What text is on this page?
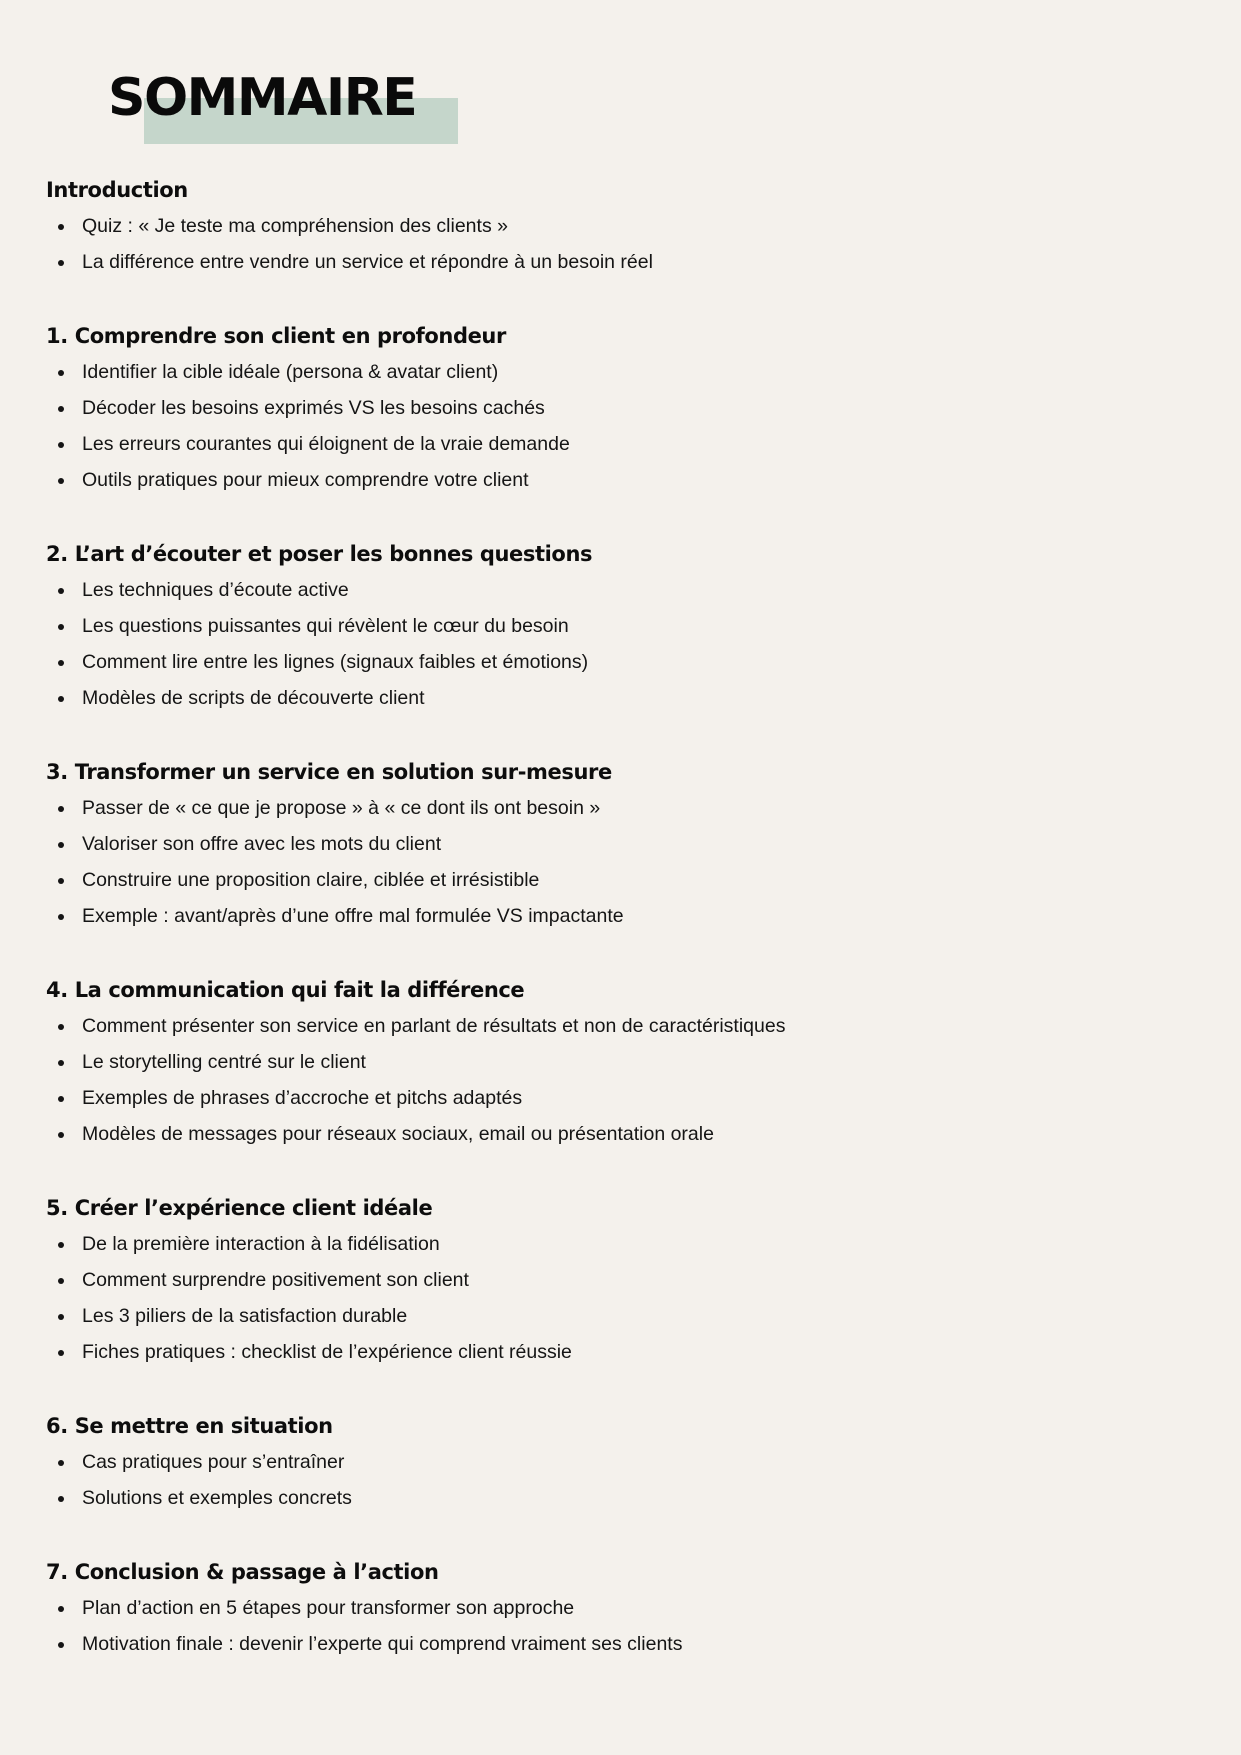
SOMMAIRE
Introduction
Quiz : « Je teste ma compréhension des clients »
La différence entre vendre un service et répondre à un besoin réel
1. Comprendre son client en profondeur
Identifier la cible idéale (persona & avatar client)
Décoder les besoins exprimés VS les besoins cachés
Les erreurs courantes qui éloignent de la vraie demande
Outils pratiques pour mieux comprendre votre client
2. L’art d’écouter et poser les bonnes questions
Les techniques d’écoute active
Les questions puissantes qui révèlent le cœur du besoin
Comment lire entre les lignes (signaux faibles et émotions)
Modèles de scripts de découverte client
3. Transformer un service en solution sur-mesure
Passer de « ce que je propose » à « ce dont ils ont besoin »
Valoriser son offre avec les mots du client
Construire une proposition claire, ciblée et irrésistible
Exemple : avant/après d’une offre mal formulée VS impactante
4. La communication qui fait la différence
Comment présenter son service en parlant de résultats et non de caractéristiques
Le storytelling centré sur le client
Exemples de phrases d’accroche et pitchs adaptés
Modèles de messages pour réseaux sociaux, email ou présentation orale
5. Créer l’expérience client idéale
De la première interaction à la fidélisation
Comment surprendre positivement son client
Les 3 piliers de la satisfaction durable
Fiches pratiques : checklist de l’expérience client réussie
6. Se mettre en situation
Cas pratiques pour s’entraîner
Solutions et exemples concrets
7. Conclusion & passage à l’action
Plan d’action en 5 étapes pour transformer son approche
Motivation finale : devenir l’experte qui comprend vraiment ses clients
